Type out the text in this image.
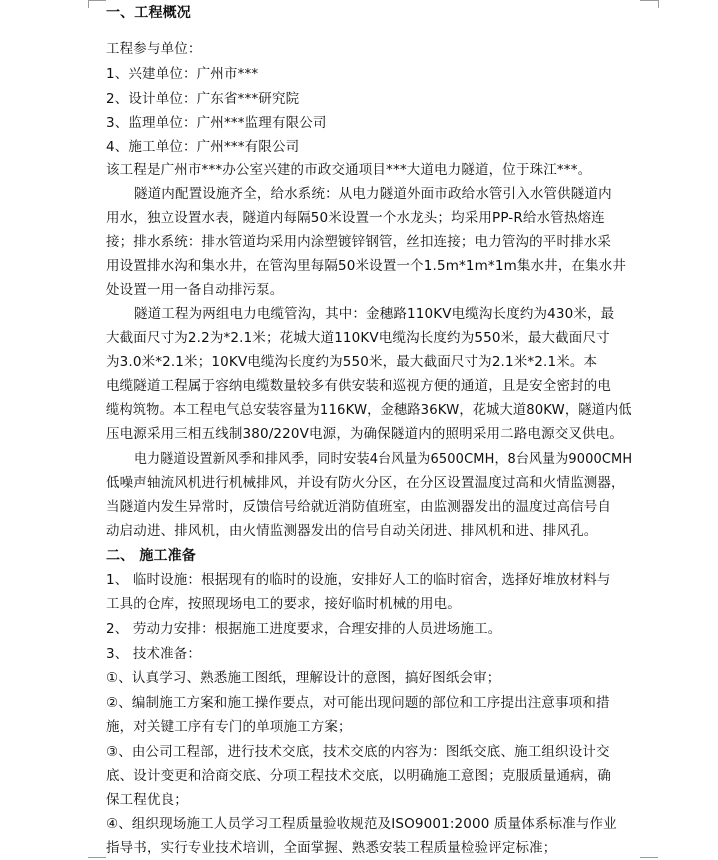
一、工程概况
工程参与单位：
1、兴建单位：广州市***
2、设计单位：广东省***研究院
3、监理单位：广州***监理有限公司
4、施工单位：广州***有限公司
该工程是广州市***办公室兴建的市政交通项目***大道电力隧道，位于珠江***。
隧道内配置设施齐全，给水系统：从电力隧道外面市政给水管引入水管供隧道内
用水，独立设置水表，隧道内每隔50米设置一个水龙头；均采用PP-R给水管热熔连
接；排水系统：排水管道均采用内涂塑镀锌钢管，丝扣连接；电力管沟的平时排水采
用设置排水沟和集水井，在管沟里每隔50米设置一个1.5m*1m*1m集水井，在集水井
处设置一用一备自动排污泵。
隧道工程为两组电力电缆管沟，其中：金穗路110KV电缆沟长度约为430米，最
大截面尺寸为2.2为*2.1米；花城大道110KV电缆沟长度约为550米，最大截面尺寸
为3.0米*2.1米；10KV电缆沟长度约为550米，最大截面尺寸为2.1米*2.1米。本
电缆隧道工程属于容纳电缆数量较多有供安装和巡视方便的通道，且是安全密封的电
缆构筑物。本工程电气总安装容量为116KW，金穗路36KW，花城大道80KW，隧道内低
压电源采用三相五线制380/220V电源，为确保隧道内的照明采用二路电源交叉供电。
电力隧道设置新风季和排风季，同时安装4台风量为6500CMH，8台风量为9000CMH
低噪声轴流风机进行机械排风，并设有防火分区，在分区设置温度过高和火情监测器，
当隧道内发生异常时，反馈信号给就近消防值班室，由监测器发出的温度过高信号自
动启动进、排风机，由火情监测器发出的信号自动关闭进、排风机和进、排风孔。
二、 施工准备
1、 临时设施：根据现有的临时的设施，安排好人工的临时宿舍，选择好堆放材料与
工具的仓库，按照现场电工的要求，接好临时机械的用电。
2、 劳动力安排：根据施工进度要求，合理安排的人员进场施工。
3、 技术准备：
①、认真学习、熟悉施工图纸，理解设计的意图，搞好图纸会审；
②、编制施工方案和施工操作要点，对可能出现问题的部位和工序提出注意事项和措
施，对关键工序有专门的单项施工方案；
③、由公司工程部，进行技术交底，技术交底的内容为：图纸交底、施工组织设计交
底、设计变更和洽商交底、分项工程技术交底，以明确施工意图；克服质量通病，确
保工程优良；
④、组织现场施工人员学习工程质量验收规范及ISO9001:2000 质量体系标准与作业
指导书，实行专业技术培训，全面掌握、熟悉安装工程质量检验评定标准；
